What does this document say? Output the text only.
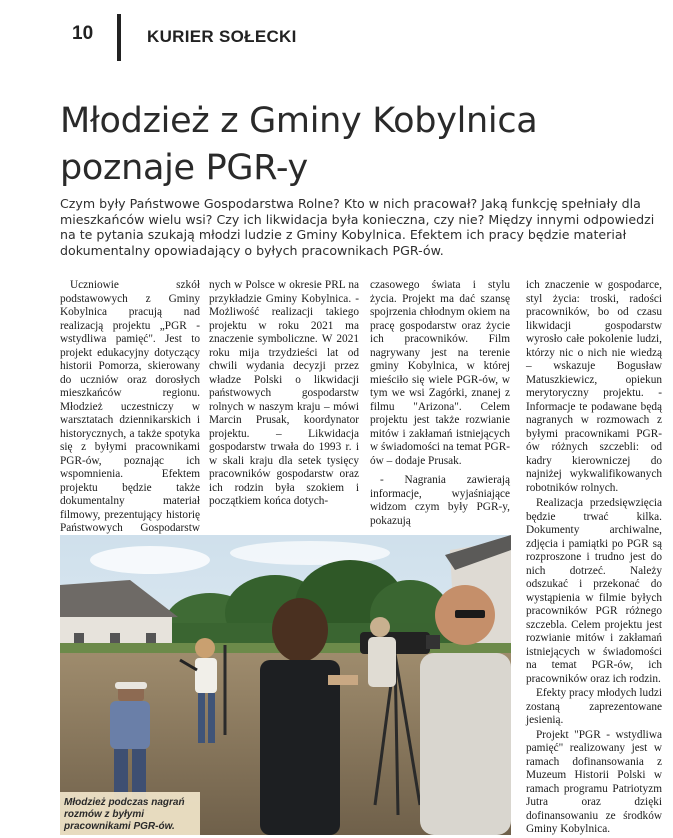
10	KURIER SOŁECKI
Młodzież z Gminy Kobylnica poznaje PGR-y

Czym były Państwowe Gospodarstwa Rolne? Kto w nich pracował? Jaką funkcję spełniały dla mieszkańców wielu wsi? Czy ich likwidacja była konieczna, czy nie? Między innymi odpowiedzi na te pytania szukają młodzi ludzie z Gminy Kobylnica. Efektem ich pracy będzie materiał dokumentalny opowiadający o byłych pracownikach PGR-ów.

Uczniowie szkół podstawowych z Gminy Kobylnica pracują nad realizacją projektu „PGR - wstydliwa pamięć". Jest to projekt edukacyjny dotyczący historii Pomorza, skierowany do uczniów oraz dorosłych mieszkańców regionu. Młodzież uczestniczy w warsztatach dziennikarskich i historycznych, a także spotyka się z byłymi pracownikami PGR-ów, poznając ich wspomnienia. Efektem projektu będzie także dokumentalny materiał filmowy, prezentujący historię Państwowych Gospodarstw

nych w Polsce w okresie PRL na przykładzie Gminy Kobylnica. - Możliwość realizacji takiego projektu w roku 2021 ma znaczenie symboliczne. W 2021 roku mija trzydzieści lat od chwili wydania decyzji przez władze Polski o likwidacji państwowych gospodarstw rolnych w naszym kraju – mówi Marcin Prusak, koordynator projektu. – Likwidacja gospodarstw trwała do 1993 r. i w skali kraju dla setek tysięcy pracowników gospodarstw oraz ich rodzin była szokiem i początkiem końca dotych-

czasowego świata i stylu życia. Projekt ma dać szansę spojrzenia chłodnym okiem na pracę gospodarstw oraz życie ich pracowników. Film nagrywany jest na terenie gminy Kobylnica, w której mieściło się wiele PGR-ów, w tym we wsi Zagórki, znanej z filmu "Arizona". Celem projektu jest także rozwianie mitów i zakłamań istniejących w świadomości na temat PGR-ów – dodaje Prusak.

- Nagrania zawierają informacje, wyjaśniające widzom czym były PGR-y, pokazują

ich znaczenie w gospodarce, styl życia: troski, radości pracowników, bo od czasu likwidacji gospodarstw wyrosło całe pokolenie ludzi, którzy nic o nich nie wiedzą – wskazuje Bogusław Matuszkiewicz, opiekun merytoryczny projektu. - Informacje te podawane będą nagranych w rozmowach z byłymi pracownikami PGR-ów różnych szczebli: od kadry kierowniczej do najniżej wykwalifikowanych robotników rolnych.

Realizacja przedsięwzięcia będzie trwać kilka. Dokumenty archiwalne, zdjęcia i pamiątki po PGR są rozproszone i trudno jest do nich dotrzeć. Należy odszukać i przekonać do wystąpienia w filmie byłych pracowników PGR różnego szczebla. Celem projektu jest rozwianie mitów i zakłamań istniejących w świadomości na temat PGR-ów, ich pracowników oraz ich rodzin.

Efekty pracy młodych ludzi zostaną zaprezentowane jesienią.

Projekt "PGR - wstydliwa pamięć" realizowany jest w ramach dofinansowania z Muzeum Historii Polski w ramach programu Patriotyzm Jutra oraz dzięki dofinansowaniu ze środków Gminy Kobylnica.

Młodzież podczas nagrań rozmów z byłymi pracownikami PGR-ów.
